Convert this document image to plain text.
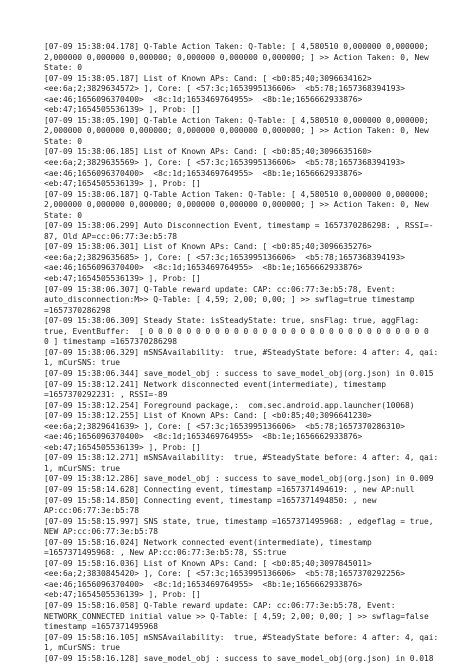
[07-09 15:38:04.178] Q-Table Action Taken: Q-Table: [ 4,580510 0,000000 0,000000;
2,000000 0,000000 0,000000; 0,000000 0,000000 0,000000; ] >> Action Taken: 0, New
State: 0
[07-09 15:38:05.187] List of Known APs: Cand: [ <b0:85;40;3096634162>
<ee:6a;2;3829634572> ], Core: [ <57:3c;1653995136606>  <b5:78;1657368394193>
<ae:46;1656096370400>  <8c:1d;1653469764955>  <8b:1e;1656662933876>
<eb:47;1654505536139> ], Prob: []
[07-09 15:38:05.190] Q-Table Action Taken: Q-Table: [ 4,580510 0,000000 0,000000;
2,000000 0,000000 0,000000; 0,000000 0,000000 0,000000; ] >> Action Taken: 0, New
State: 0
[07-09 15:38:06.185] List of Known APs: Cand: [ <b0:85;40;3096635160>
<ee:6a;2;3829635569> ], Core: [ <57:3c;1653995136606>  <b5:78;1657368394193>
<ae:46;1656096370400>  <8c:1d;1653469764955>  <8b:1e;1656662933876>
<eb:47;1654505536139> ], Prob: []
[07-09 15:38:06.187] Q-Table Action Taken: Q-Table: [ 4,580510 0,000000 0,000000;
2,000000 0,000000 0,000000; 0,000000 0,000000 0,000000; ] >> Action Taken: 0, New
State: 0
[07-09 15:38:06.299] Auto Disconnection Event, timestamp = 1657370286298: , RSSI=-
87, Old AP=cc:06:77:3e:b5:78
[07-09 15:38:06.301] List of Known APs: Cand: [ <b0:85;40;3096635276>
<ee:6a;2;3829635685> ], Core: [ <57:3c;1653995136606>  <b5:78;1657368394193>
<ae:46;1656096370400>  <8c:1d;1653469764955>  <8b:1e;1656662933876>
<eb:47;1654505536139> ], Prob: []
[07-09 15:38:06.307] Q-Table reward update: CAP: cc:06:77:3e:b5:78, Event:
auto_disconnection:M>> Q-Table: [ 4,59; 2,00; 0,00; ] >> swflag=true timestamp
=1657370286298
[07-09 15:38:06.309] Steady State: isSteadyState: true, snsFlag: true, aggFlag:
true, EventBuffer:  [ 0 0 0 0 0 0 0 0 0 0 0 0 0 0 0 0 0 0 0 0 0 0 0 0 0 0 0 0 0 0
0 ] timestamp =1657370286298
[07-09 15:38:06.329] mSNSAvailability:  true, #SteadyState before: 4 after: 4, qai:
1, mCurSNS: true
[07-09 15:38:06.344] save_model_obj : success to save_model_obj(org.json) in 0.015
[07-09 15:38:12.241] Network disconnected event(intermediate), timestamp
=1657370292231: , RSSI=-89
[07-09 15:38:12.254] Foreground package,:  com.sec.android.app.launcher(10068)
[07-09 15:38:12.255] List of Known APs: Cand: [ <b0:85;40;3096641230>
<ee:6a;2;3829641639> ], Core: [ <57:3c;1653995136606>  <b5:78;1657370286310>
<ae:46;1656096370400>  <8c:1d;1653469764955>  <8b:1e;1656662933876>
<eb:47;1654505536139> ], Prob: []
[07-09 15:38:12.271] mSNSAvailability:  true, #SteadyState before: 4 after: 4, qai:
1, mCurSNS: true
[07-09 15:38:12.286] save_model_obj : success to save_model_obj(org.json) in 0.009
[07-09 15:58:14.628] Connecting event, timestamp =1657371494619: , new AP:null
[07-09 15:58:14.850] Connecting event, timestamp =1657371494850: , new
AP:cc:06:77:3e:b5:78
[07-09 15:58:15.997] SNS state, true, timestamp =1657371495968: , edgeflag = true,
NEW AP:cc:06:77:3e:b5:78
[07-09 15:58:16.024] Network connected event(intermediate), timestamp
=1657371495968: , New AP:cc:06:77:3e:b5:78, SS:true
[07-09 15:58:16.036] List of Known APs: Cand: [ <b0:85;40;3097845011>
<ee:6a;2;3830845420> ], Core: [ <57:3c;1653995136606>  <b5:78;1657370292256>
<ae:46;1656096370400>  <8c:1d;1653469764955>  <8b:1e;1656662933876>
<eb:47;1654505536139> ], Prob: []
[07-09 15:58:16.058] Q-Table reward update: CAP: cc:06:77:3e:b5:78, Event:
NETWORK_CONNECTED initial value >> Q-Table: [ 4,59; 2,00; 0,00; ] >> swflag=false
timestamp =1657371495968
[07-09 15:58:16.105] mSNSAvailability:  true, #SteadyState before: 4 after: 4, qai:
1, mCurSNS: true
[07-09 15:58:16.128] save_model_obj : success to save_model_obj(org.json) in 0.018
